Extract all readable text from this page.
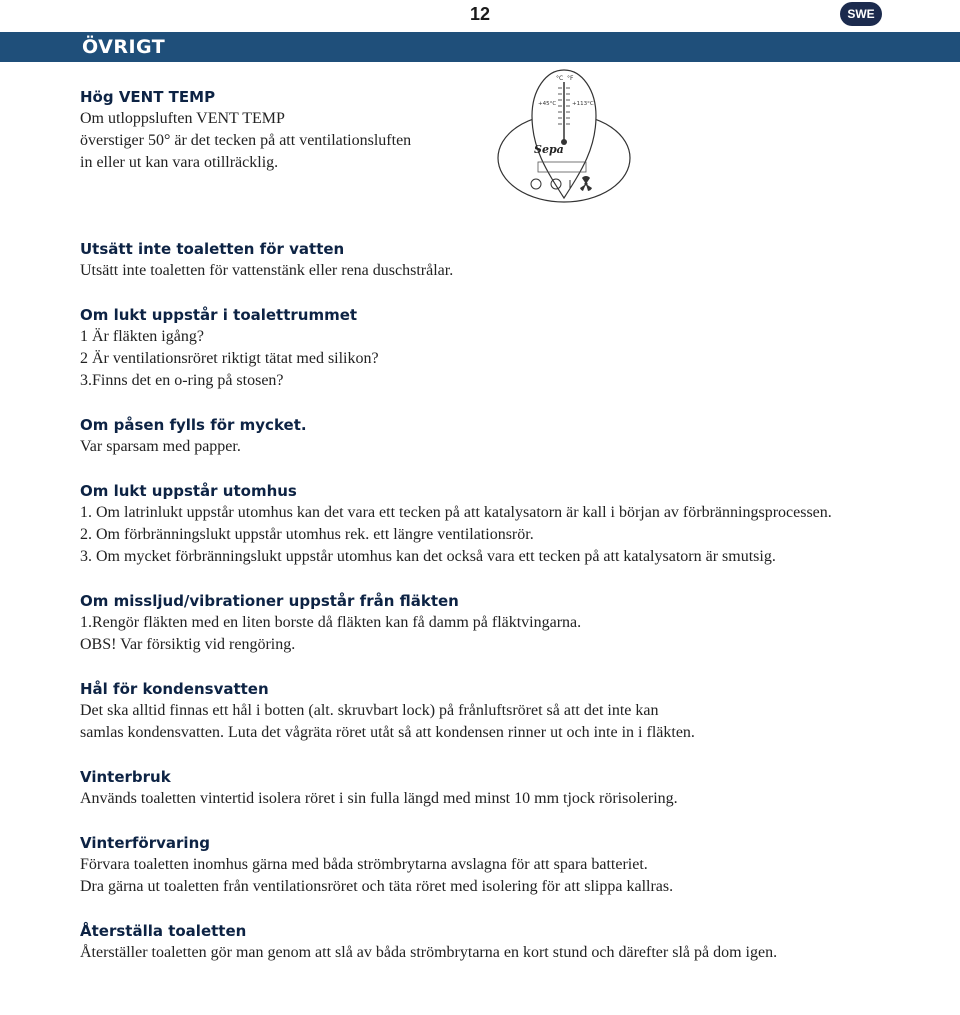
12	SWE
ÖVRIGT
°C °F
+45°C	+113°C
Sepa
Hög VENT TEMP

Om utloppsluften VENT TEMP

överstiger 50° är det tecken på att ventilationsluften

in eller ut kan vara otillräcklig.

Utsätt inte toaletten för vatten

Utsätt inte toaletten för vattenstänk eller rena duschstrålar.

Om lukt uppstår i toalettrummet

1 Är fläkten igång?

2 Är ventilationsröret riktigt tätat med silikon?

3.Finns det en o-ring på stosen?

Om påsen fylls för mycket.

Var sparsam med papper.

Om lukt uppstår utomhus

1. Om latrinlukt uppstår utomhus kan det vara ett tecken på att katalysatorn är kall i början av förbränningsprocessen.

2. Om förbränningslukt uppstår utomhus rek. ett längre ventilationsrör.

3. Om mycket förbränningslukt uppstår utomhus kan det också vara ett tecken på att katalysatorn är smutsig.

Om missljud/vibrationer uppstår från fläkten

1.Rengör fläkten med en liten borste då fläkten kan få damm på fläktvingarna.

OBS! Var försiktig vid rengöring.

Hål för kondensvatten

Det ska alltid finnas ett hål i botten (alt. skruvbart lock) på frånluftsröret så att det inte kan

samlas kondensvatten. Luta det vågräta röret utåt så att kondensen rinner ut och inte in i fläkten.

Vinterbruk

Används toaletten vintertid isolera röret i sin fulla längd med minst 10 mm tjock rörisolering.

Vinterförvaring

Förvara toaletten inomhus gärna med båda strömbrytarna avslagna för att spara batteriet.

Dra gärna ut toaletten från ventilationsröret och täta röret med isolering för att slippa kallras.

Återställa toaletten

Återställer toaletten gör man genom att slå av båda strömbrytarna en kort stund och därefter slå på dom igen.
